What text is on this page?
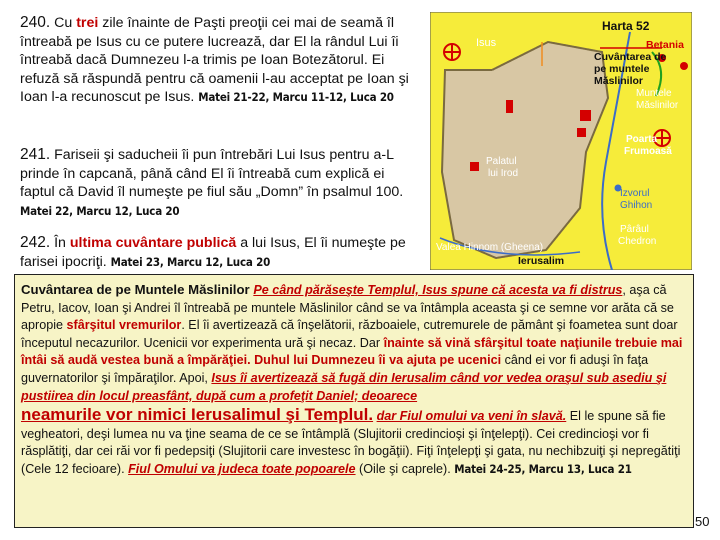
240. Cu trei zile înainte de Paşti preoţii cei mai de seamă îl întreabă pe Isus cu ce putere lucrează, dar El la rândul Lui îi întreabă dacă Dumnezeu l-a trimis pe Ioan Botezătorul. Ei refuză să răspundă pentru că oamenii l-au acceptat pe Ioan şi Ioan l-a recunoscut pe Isus. Matei 21-22, Marcu 11-12, Luca 20
241. Fariseii şi saducheii îi pun întrebări Lui Isus pentru a-L prinde în capcană, până când El îi întreabă cum explică ei faptul că David îl numeşte pe fiul său „Domn” în psalmul 100. Matei 22, Marcu 12, Luca 20
242. În ultima cuvântare publică a lui Isus, El îi numeşte pe farisei ipocriţi. Matei 23, Marcu 12, Luca 20
Harta 52
Isus	Betania
Cuvântarea de
pe muntele
Măslinilor
Muntele
Măslinilor
Poarta
Frumoasă
Palatul
lui Irod
Izvorul
Ghihon
Pârâul
Chedron
Valea Hinnom (Gheena)
Ierusalim
Cuvântarea de pe Muntele Măslinilor Pe când părăseşte Templul, Isus spune că acesta va fi distrus, aşa că Petru, Iacov, Ioan şi Andrei îl întreabă pe muntele Măslinilor când se va întâmpla aceasta şi ce semne vor arăta că se apropie sfârşitul vremurilor. El îi avertizează că înşelătorii, războaiele, cutremurele de pământ şi foametea sunt doar începutul necazurilor. Ucenicii vor experimenta ură şi necaz. Dar înainte să vină sfârşitul toate naţiunile trebuie mai întâi să audă vestea bună a împărăţiei. Duhul lui Dumnezeu îi va ajuta pe ucenici când ei vor fi aduşi în faţa guvernatorilor şi împăraţilor. Apoi, Isus îi avertizează să fugă din Ierusalim când vor vedea oraşul sub asediu şi pustiirea din locul preasfânt, după cum a profeţit Daniel; deoarece
neamurile vor nimici Ierusalimul şi Templul. dar Fiul omului va veni în slavă. El le spune să fie vegheatori, deşi lumea nu va ţine seama de ce se întâmplă (Slujitorii credincioşi şi înţelepţi). Cei credincioşi vor fi răsplătiţi, dar cei răi vor fi pedepsiţi (Slujitorii care investesc în bogăţii). Fiţi înţelepţi şi gata, nu nechibzuiţi şi nepregătiţi (Cele 12 fecioare). Fiul Omului va judeca toate popoarele (Oile şi caprele). Matei 24-25, Marcu 13, Luca 21
50
